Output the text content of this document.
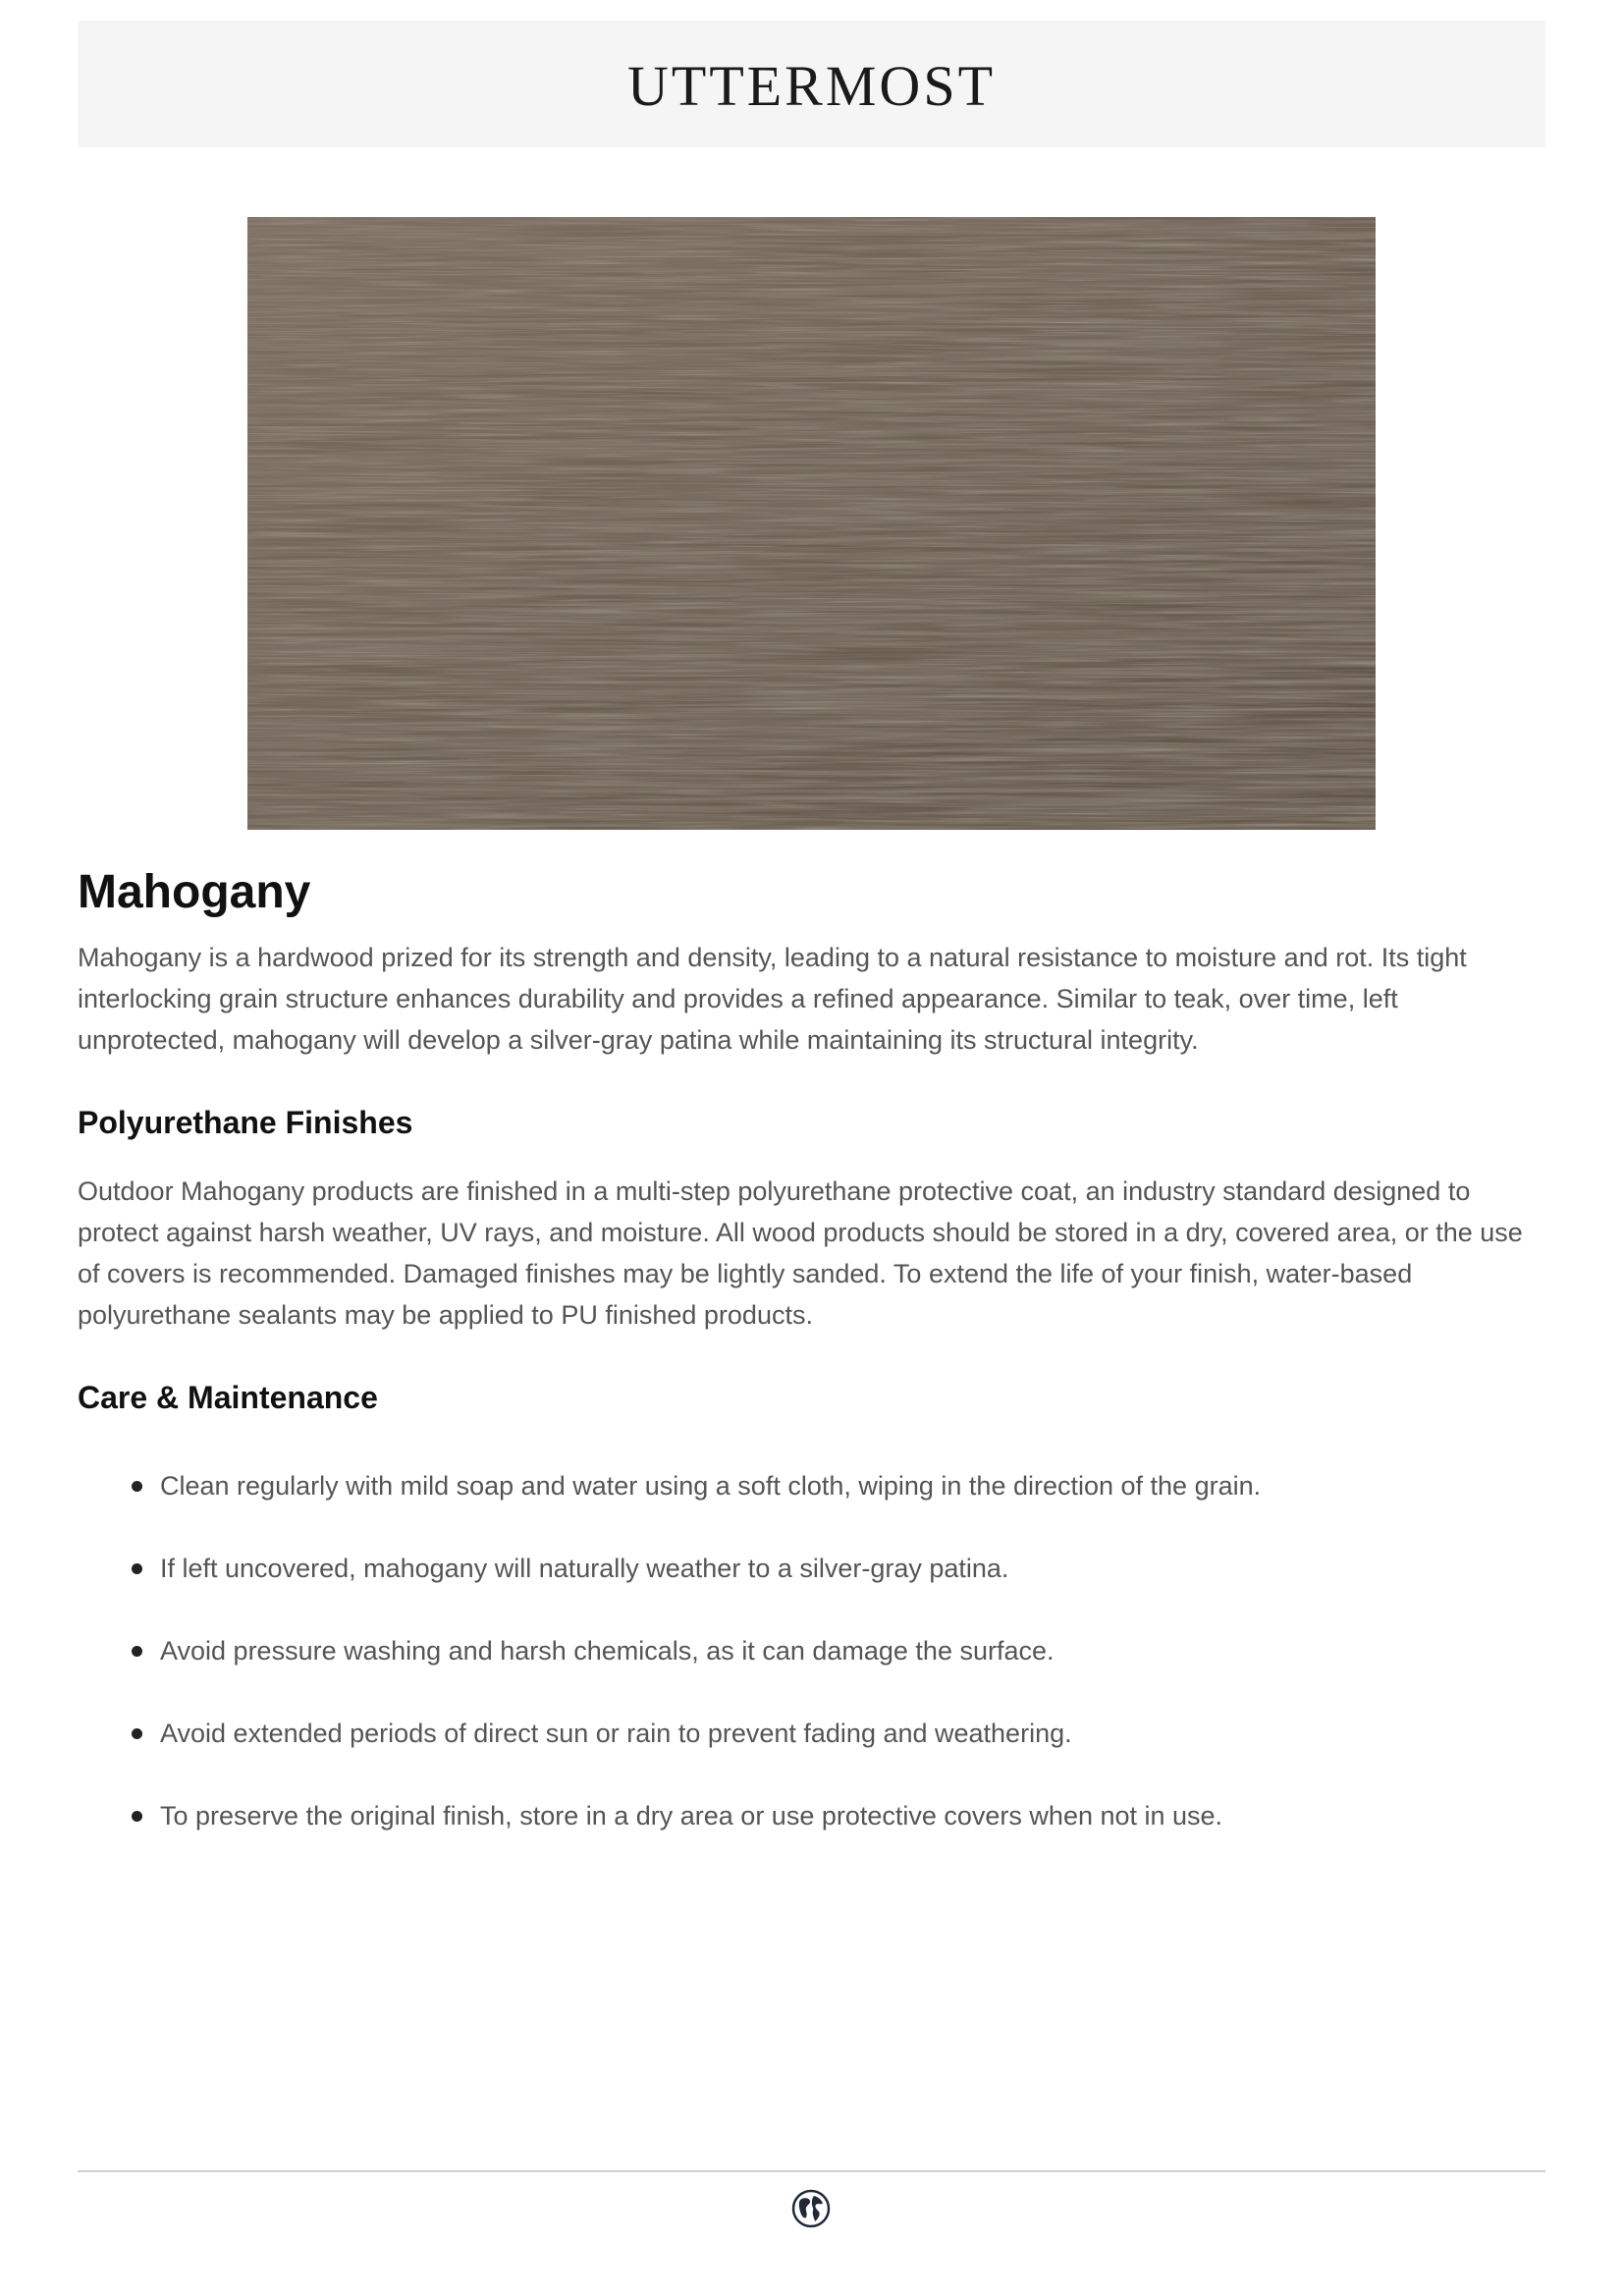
UTTERMOST
Mahogany

Mahogany is a hardwood prized for its strength and density, leading to a natural resistance to moisture and rot. Its tight interlocking grain structure enhances durability and provides a refined appearance. Similar to teak, over time, left unprotected, mahogany will develop a silver-gray patina while maintaining its structural integrity.

Polyurethane Finishes

Outdoor Mahogany products are finished in a multi-step polyurethane protective coat, an industry standard designed to protect against harsh weather, UV rays, and moisture. All wood products should be stored in a dry, covered area, or the use of covers is recommended. Damaged finishes may be lightly sanded. To extend the life of your finish, water-based polyurethane sealants may be applied to PU finished products.

Care & Maintenance
Clean regularly with mild soap and water using a soft cloth, wiping in the direction of the grain.
If left uncovered, mahogany will naturally weather to a silver-gray patina.
Avoid pressure washing and harsh chemicals, as it can damage the surface.
Avoid extended periods of direct sun or rain to prevent fading and weathering.
To preserve the original finish, store in a dry area or use protective covers when not in use.
